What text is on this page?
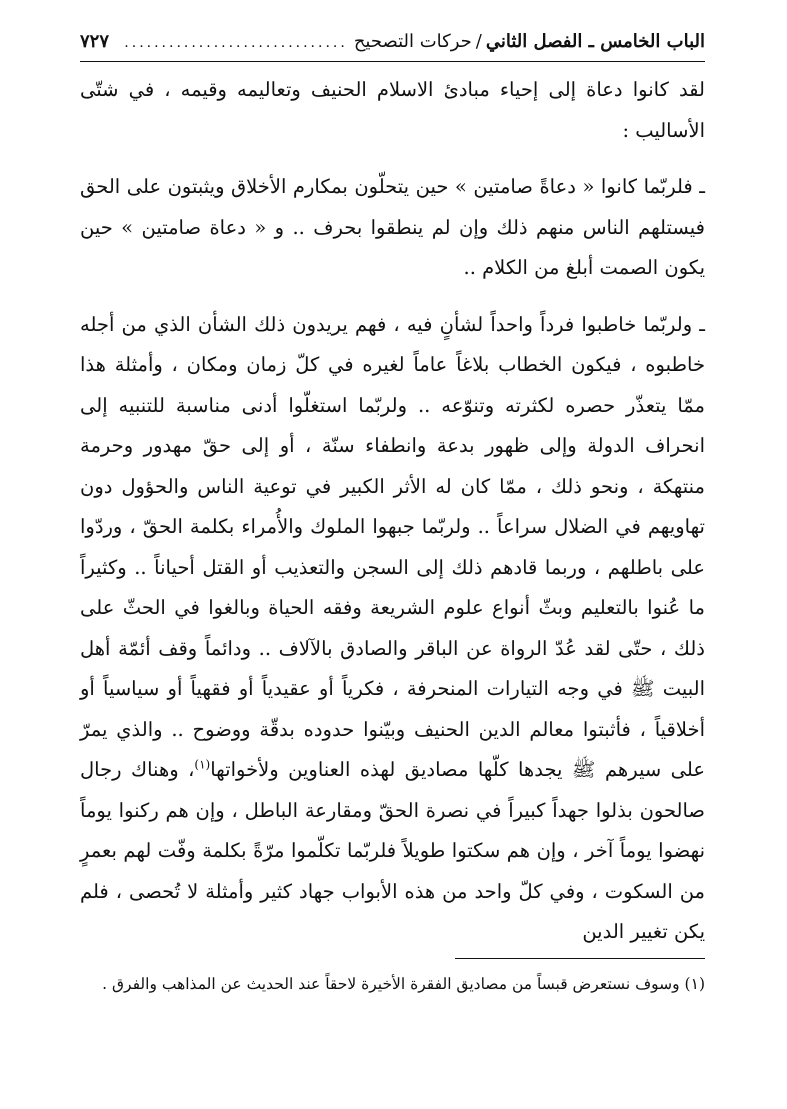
الباب الخامس ـ الفصل الثاني
/
حركات التصحيح
..............................
٧٢٧

لقد كانوا دعاة إلى إحياء مبادئ الاسلام الحنيف وتعاليمه وقيمه ، في شتّى الأساليب :

ـ فلربّما كانوا « دعاةً صامتين » حين يتحلّون بمكارم الأخلاق ويثبتون على الحق فيستلهم الناس منهم ذلك وإن لم ينطقوا بحرف .. و « دعاة صامتين » حين يكون الصمت أبلغ من الكلام ..

ـ ولربّما خاطبوا فرداً واحداً لشأنٍ فيه ، فهم يريدون ذلك الشأن الذي من أجله خاطبوه ، فيكون الخطاب بلاغاً عاماً لغيره في كلّ زمان ومكان ، وأمثلة هذا ممّا يتعذّر حصره لكثرته وتنوّعه .. ولربّما استغلّوا أدنى مناسبة للتنبيه إلى انحراف الدولة وإلى ظهور بدعة وانطفاء سنّة ، أو إلى حقّ مهدور وحرمة منتهكة ، ونحو ذلك ، ممّا كان له الأثر الكبير في توعية الناس والحؤول دون تهاويهم في الضلال سراعاً .. ولربّما جبهوا الملوك والأُمراء بكلمة الحقّ ، وردّوا على باطلهم ، وربما قادهم ذلك إلى السجن والتعذيب أو القتل أحياناً .. وكثيراً ما عُنوا بالتعليم وبثّ أنواع علوم الشريعة وفقه الحياة وبالغوا في الحثّ على ذلك ، حتّى لقد عُدّ الرواة عن الباقر والصادق بالآلاف .. ودائماً وقف أئمّة أهل البيت ﷺ في وجه التيارات المنحرفة ، فكرياً أو عقيدياً أو فقهياً أو سياسياً أو أخلاقياً ، فأثبتوا معالم الدين الحنيف وبيّنوا حدوده بدقّة ووضوح .. والذي يمرّ على سيرهم ﷺ يجدها كلّها مصاديق لهذه العناوين ولأخواتها$^{(١)}$، وهناك رجال صالحون بذلوا جهداً كبيراً في نصرة الحقّ ومقارعة الباطل ، وإن هم ركنوا يوماً نهضوا يوماً آخر ، وإن هم سكتوا طويلاً فلربّما تكلّموا مرّةً بكلمة وفّت لهم بعمرٍ من السكوت ، وفي كلّ واحد من هذه الأبواب جهاد كثير وأمثلة لا تُحصى ، فلم يكن تغيير الدين

(١) وسوف نستعرض قبساً من مصاديق الفقرة الأخيرة لاحقاً عند الحديث عن المذاهب والفرق .
